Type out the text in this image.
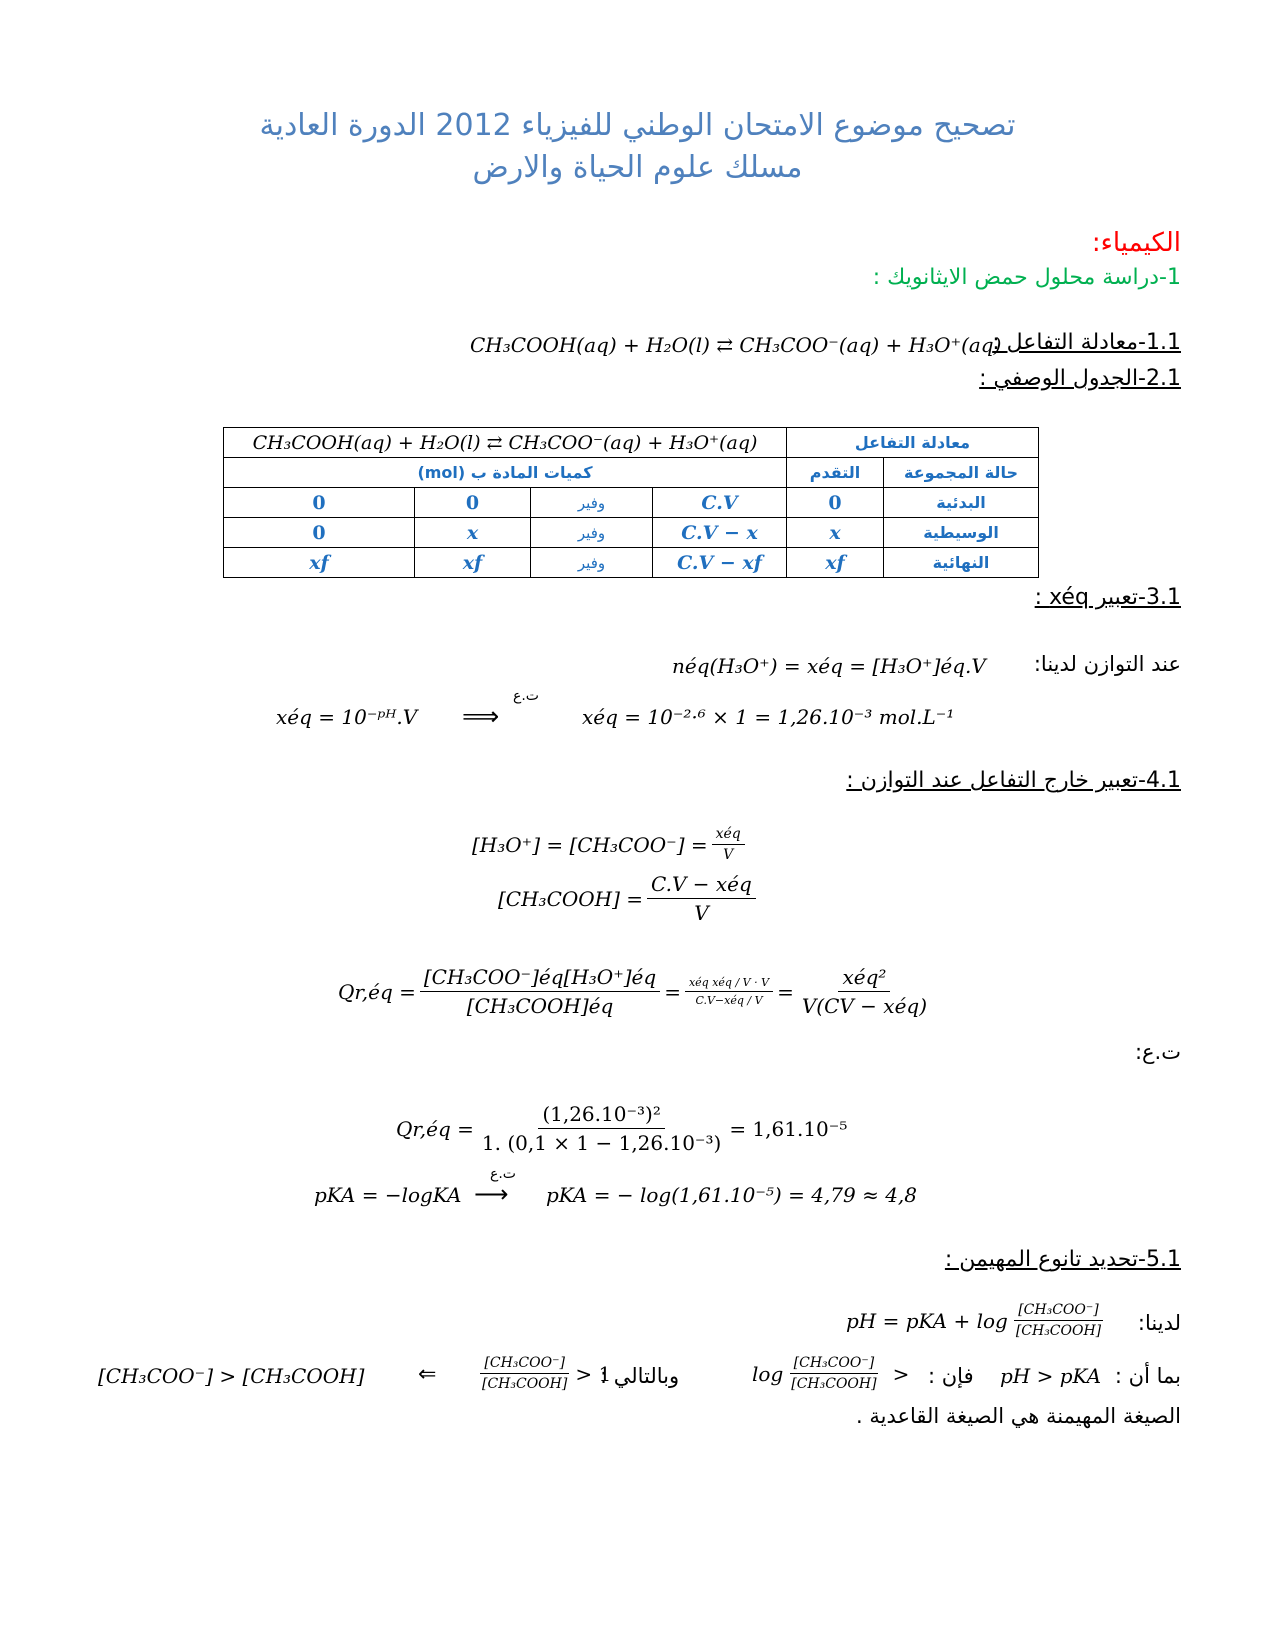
تصحيح موضوع الامتحان الوطني للفيزياء 2012 الدورة العادية
مسلك علوم الحياة والارض
الكيمياء:
1-دراسة محلول حمض الايثانويك :
1.1-معادلة التفاعل :
CH₃COOH(aq) + H₂O(l) ⇄ CH₃COO⁻(aq) + H₃O⁺(aq)
2.1-الجدول الوصفي :
معادلة التفاعل		CH₃COOH(aq) + H₂O(l) ⇄ CH₃COO⁻(aq) + H₃O⁺(aq)			
حالة المجموعة	التقدم	كميات المادة ب (mol)			
البدئية	0	C.V	وفير	0	0
الوسيطية	x	C.V − x	وفير	x	0
النهائية	xf	C.V − xf	وفير	xf	xf
3.1-تعبير xéq :
عند التوازن لدينا:
néq(H₃O⁺) = xéq = [H₃O⁺]éq.V
xéq = 10⁻ᵖᴴ.V
ت.ع
⟹	xéq = 10⁻²·⁶ × 1 = 1,26.10⁻³ mol.L⁻¹
4.1-تعبير خارج التفاعل عند التوازن :
$[H_3O^+] = [CH_3COO^-] = \frac{\text{xéq}}{V}$
[CH₃COOH] = $\frac{\text{C.V − xéq}}{V}$
Qr,éq = $\frac{\text{[CH₃COO⁻]éq[H₃O⁺]éq}}{\text{[CH₃COOH]éq}} = \frac{\text{xéq xéq / V · V}}{\text{C.V−xéq / V}} = \frac{\text{xéq²}}{\text{V(CV − xéq)}}$
ت.ع:
Qr,éq = $\frac{\text{(1,26.10⁻³)²}}{\text{1. (0,1 × 1 − 1,26.10⁻³)}} = 1,61.10^{-5}$
pKA = −logKA
ت.ع
⟶ pKA = − log(1,61.10⁻⁵) = 4,79 ≈ 4,8
5.1-تحديد تانوع المهيمن :
لدينا:
pH = pKA + $\log \frac{\text{[CH₃COO⁻]}}{\text{[CH₃COOH]}}$
بما أن :
pH > pKA
فإن :
$\log \frac{\text{[CH₃COO⁻]}}{\text{[CH₃COOH]}}$ >
وبالتالي :
$\frac{\text{[CH₃COO⁻]}}{\text{[CH₃COOH]}} > 1$
⇐
[CH₃COO⁻] > [CH₃COOH]
الصيغة المهيمنة هي الصيغة القاعدية .
